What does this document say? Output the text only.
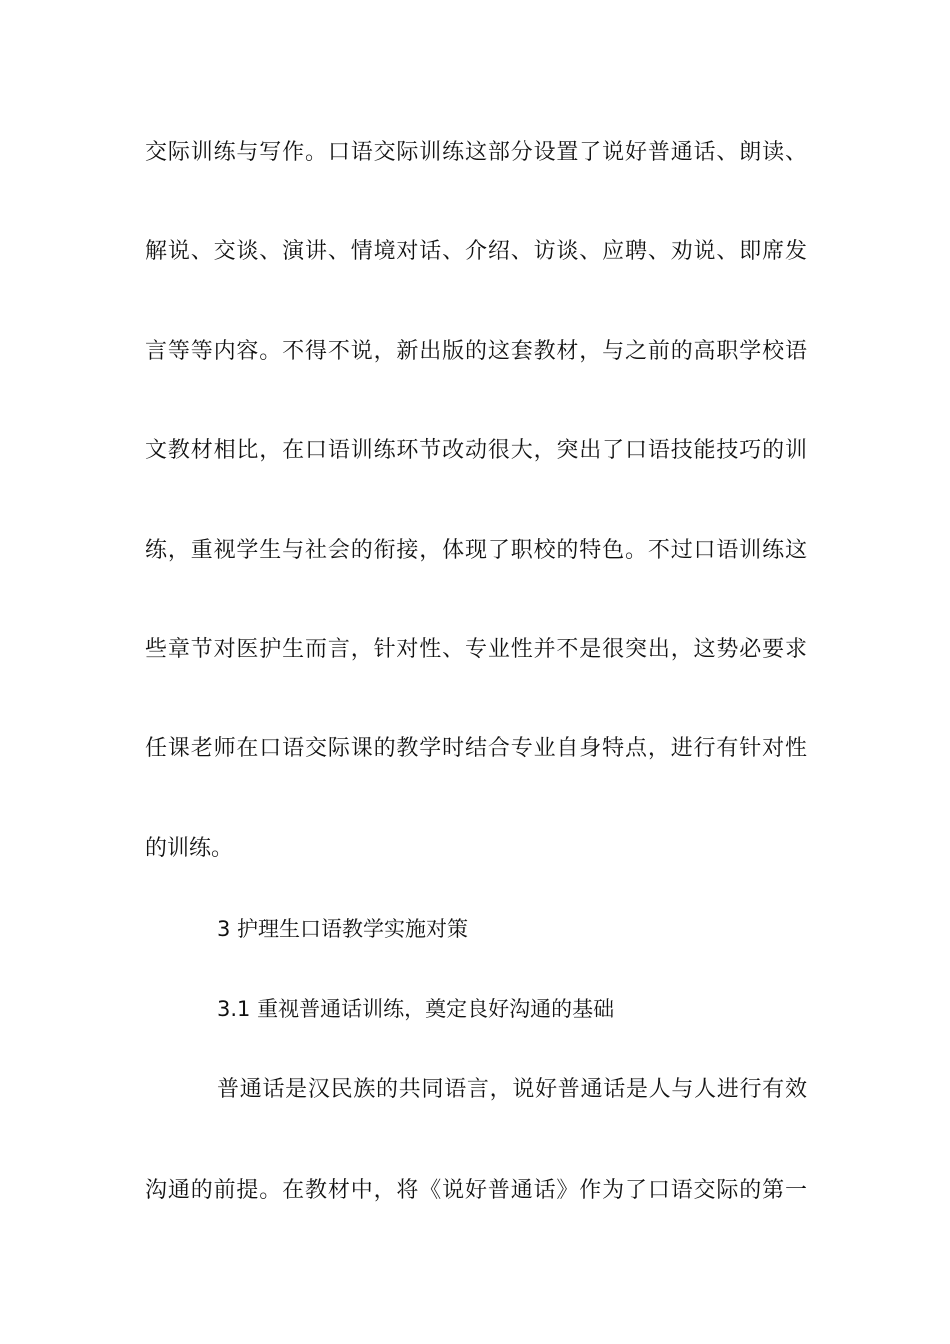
交际训练与写作。口语交际训练这部分设置了说好普通话、朗读、
解说、交谈、演讲、情境对话、介绍、访谈、应聘、劝说、即席发
言等等内容。不得不说，新出版的这套教材，与之前的高职学校语
文教材相比，在口语训练环节改动很大，突出了口语技能技巧的训
练，重视学生与社会的衔接，体现了职校的特色。不过口语训练这
些章节对医护生而言，针对性、专业性并不是很突出，这势必要求
任课老师在口语交际课的教学时结合专业自身特点，进行有针对性
的训练。
3 护理生口语教学实施对策
3.1 重视普通话训练，奠定良好沟通的基础
普通话是汉民族的共同语言，说好普通话是人与人进行有效
沟通的前提。在教材中，将《说好普通话》作为了口语交际的第一
